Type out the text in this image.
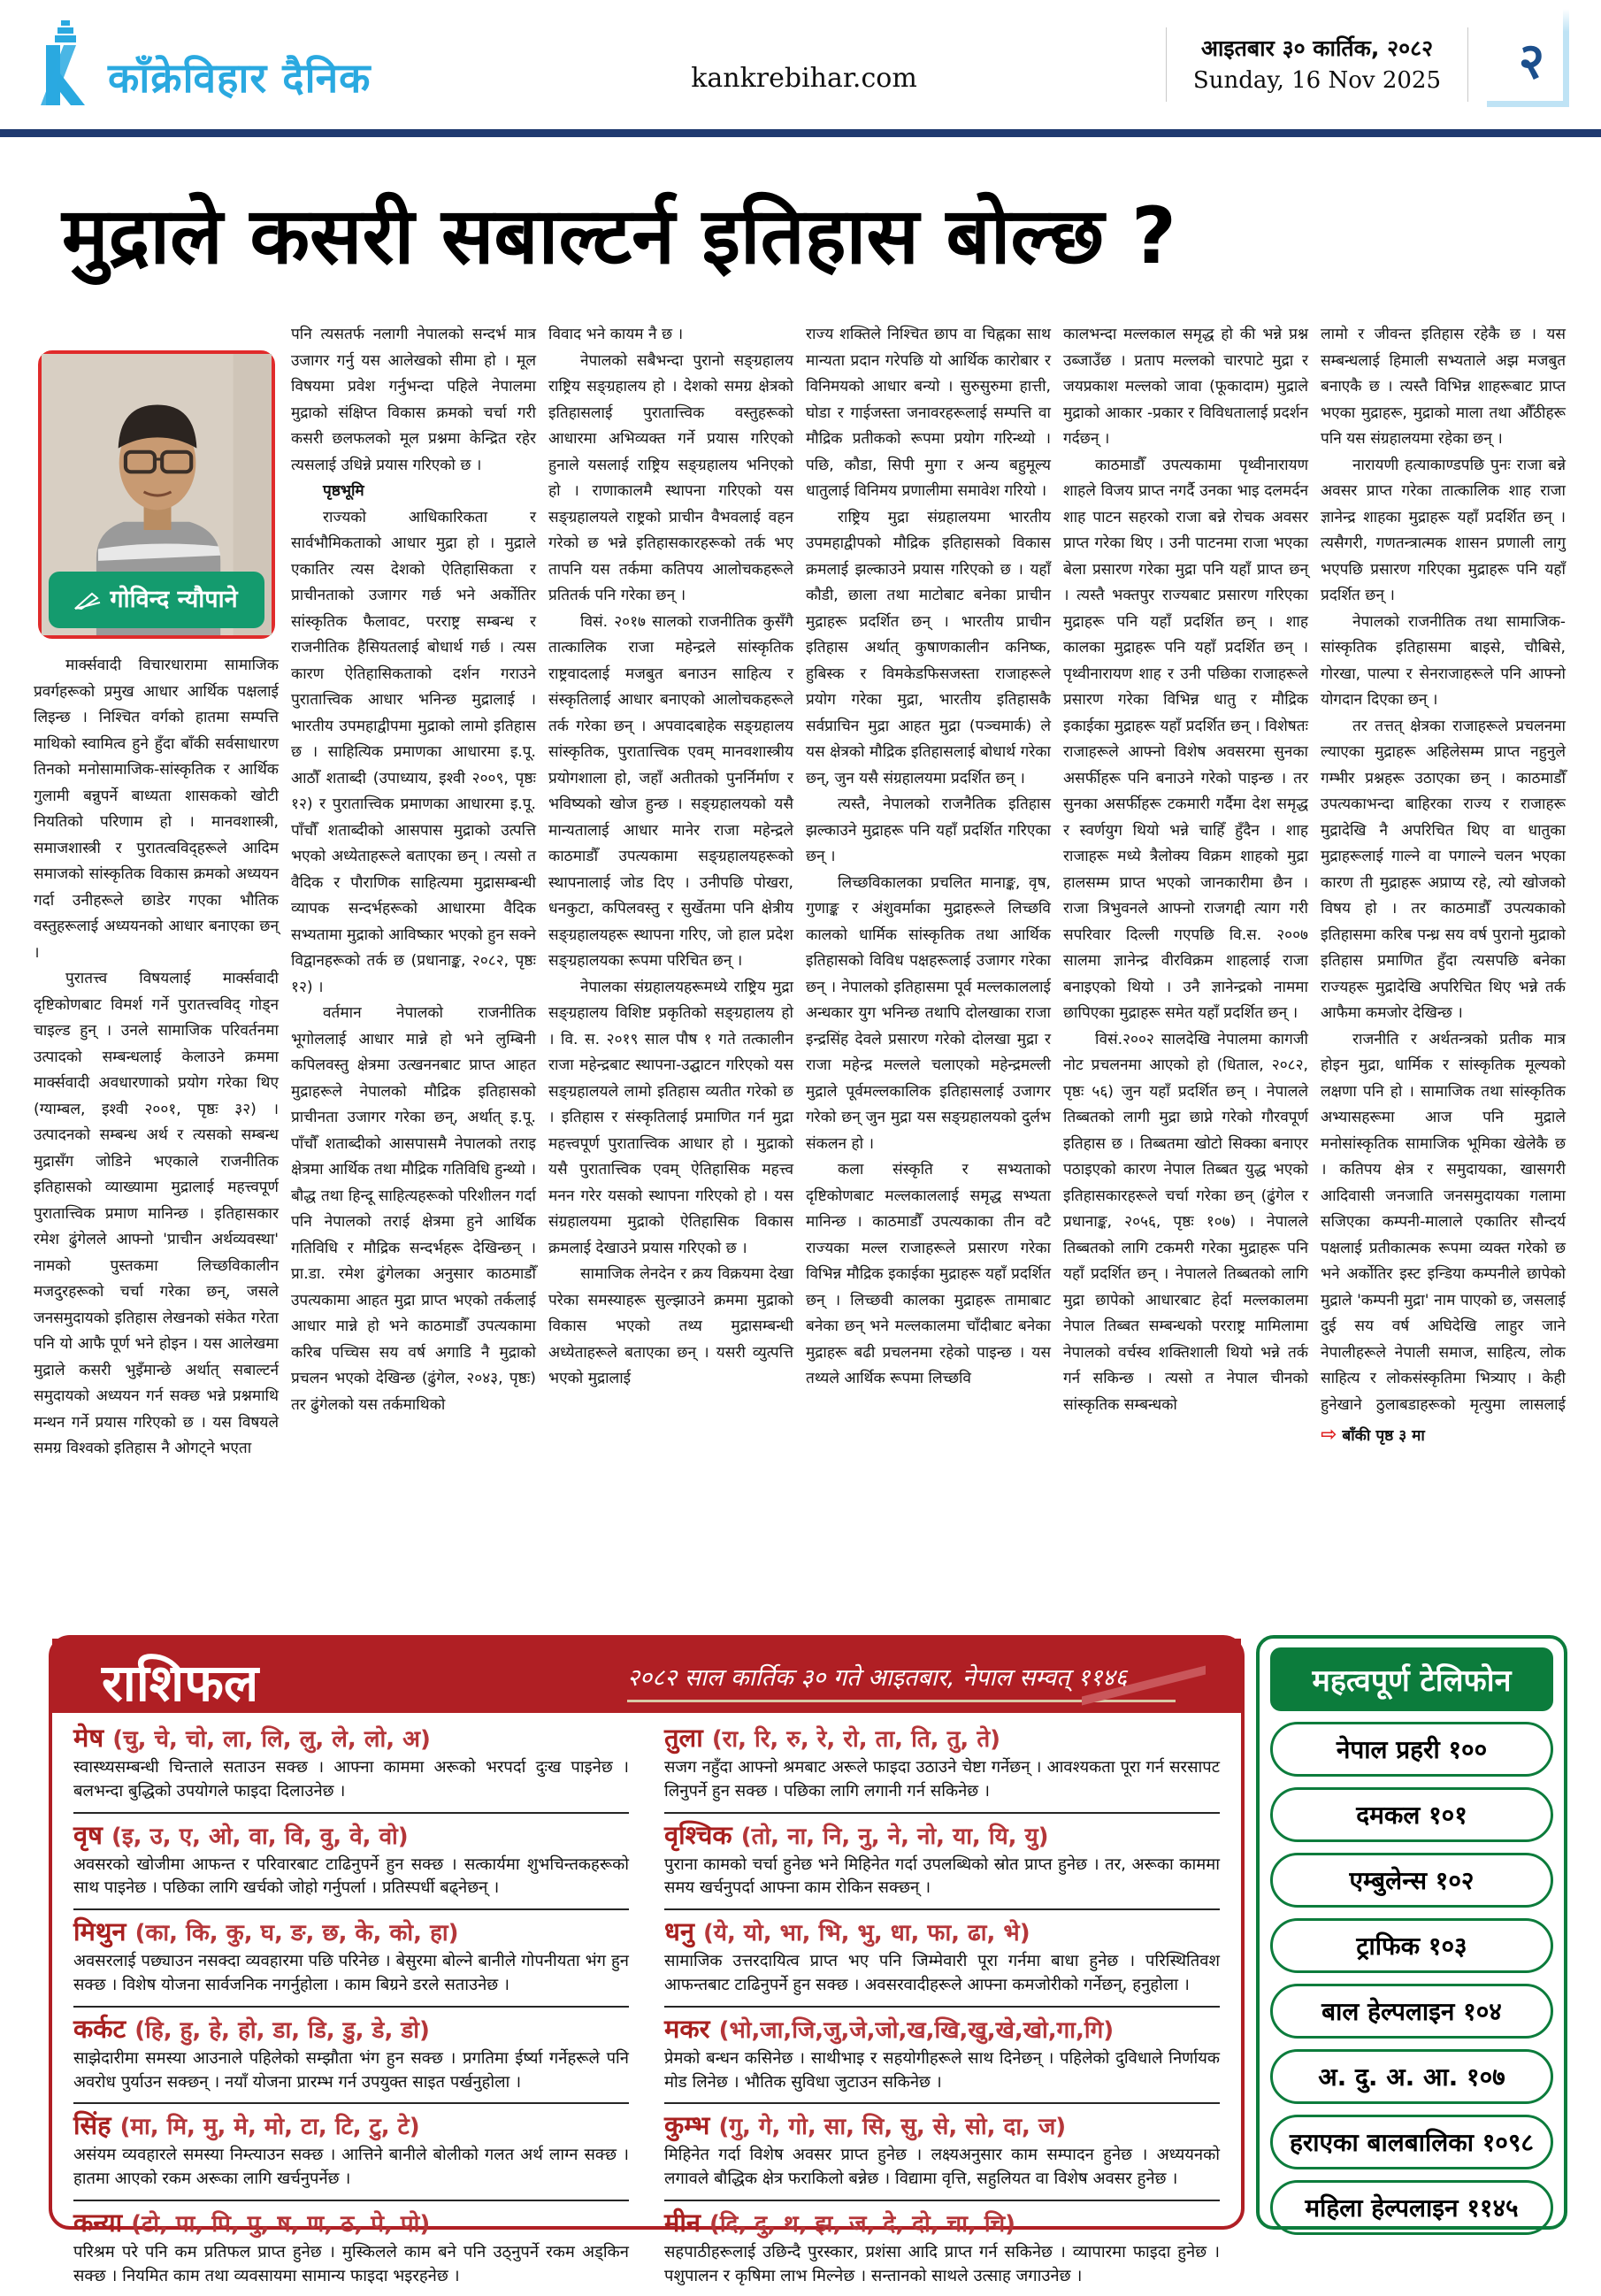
काँक्रेविहार दैनिक	kankrebihar.com
आइतबार ३० कार्तिक, २०८२
Sunday, 16 Nov 2025 २
मुद्राले कसरी सबाल्टर्न इतिहास बोल्छ ?
गोविन्द न्यौपाने

मार्क्सवादी विचारधारामा सामाजिक प्रवर्गहरूको प्रमुख आधार आर्थिक पक्षलाई लिइन्छ । निश्चित वर्गको हातमा सम्पत्ति माथिको स्वामित्व हुने हुँदा बाँकी सर्वसाधारण तिनको मनोसामाजिक-सांस्कृतिक र आर्थिक गुलामी बन्नुपर्ने बाध्यता शासकको खोटी नियतिको परिणाम हो । मानवशास्त्री, समाजशास्त्री र पुरातत्वविद्हरूले आदिम समाजको सांस्कृतिक विकास क्रमको अध्ययन गर्दा उनीहरूले छाडेर गएका भौतिक वस्तुहरूलाई अध्ययनको आधार बनाएका छन् ।

पुरातत्त्व विषयलाई मार्क्सवादी दृष्टिकोणबाट विमर्श गर्ने पुरातत्त्वविद् गोड्न चाइल्ड हुन् । उनले सामाजिक परिवर्तनमा उत्पादको सम्बन्धलाई केलाउने क्रममा मार्क्सवादी अवधारणाको प्रयोग गरेका थिए (ग्याम्बल, इश्वी २००१, पृष्ठः ३२) । उत्पादनको सम्बन्ध अर्थ र त्यसको सम्बन्ध मुद्रासँग जोडिने भएकाले राजनीतिक इतिहासको व्याख्यामा मुद्रालाई महत्त्वपूर्ण पुरातात्त्विक प्रमाण मानिन्छ । इतिहासकार रमेश ढुंगेलले आफ्नो 'प्राचीन अर्थव्यवस्था' नामको पुस्तकमा लिच्छविकालीन मजदुरहरूको चर्चा गरेका छन्, जसले जनसमुदायको इतिहास लेखनको संकेत गरेता पनि यो आफै पूर्ण भने होइन । यस आलेखमा मुद्राले कसरी भुइँमान्छे अर्थात् सबाल्टर्न समुदायको अध्ययन गर्न सक्छ भन्ने प्रश्नमाथि मन्थन गर्ने प्रयास गरिएको छ । यस विषयले समग्र विश्वको इतिहास नै ओगट्ने भएता

पनि त्यसतर्फ नलागी नेपालको सन्दर्भ मात्र उजागर गर्नु यस आलेखको सीमा हो । मूल विषयमा प्रवेश गर्नुभन्दा पहिले नेपालमा मुद्राको संक्षिप्त विकास क्रमको चर्चा गरी कसरी छलफलको मूल प्रश्नमा केन्द्रित रहेर त्यसलाई उधिन्ने प्रयास गरिएको छ ।

पृष्ठभूमि

राज्यको आधिकारिकता र सार्वभौमिकताको आधार मुद्रा हो । मुद्राले एकातिर त्यस देशको ऐतिहासिकता र प्राचीनताको उजागर गर्छ भने अर्कोतिर सांस्कृतिक फैलावट, परराष्ट्र सम्बन्ध र राजनीतिक हैसियतलाई बोधार्थ गर्छ । त्यस कारण ऐतिहासिकताको दर्शन गराउने पुरातात्त्विक आधार भनिन्छ मुद्रालाई । भारतीय उपमहाद्वीपमा मुद्राको लामो इतिहास छ । साहित्यिक प्रमाणका आधारमा इ.पू. आठौँ शताब्दी (उपाध्याय, इश्वी २००९, पृष्ठः १२) र पुरातात्त्विक प्रमाणका आधारमा इ.पू. पाँचौँ शताब्दीको आसपास मुद्राको उत्पत्ति भएको अध्येताहरूले बताएका छन् । त्यसो त वैदिक र पौराणिक साहित्यमा मुद्रासम्बन्धी व्यापक सन्दर्भहरूको आधारमा वैदिक सभ्यतामा मुद्राको आविष्कार भएको हुन सक्ने विद्वानहरूको तर्क छ (प्रधानाङ्क, २०८२, पृष्ठः १२) ।

वर्तमान नेपालको राजनीतिक भूगोललाई आधार मान्ने हो भने लुम्बिनी कपिलवस्तु क्षेत्रमा उत्खननबाट प्राप्त आहत मुद्राहरूले नेपालको मौद्रिक इतिहासको प्राचीनता उजागर गरेका छन्, अर्थात् इ.पू. पाँचौँ शताब्दीको आसपासमै नेपालको तराइ क्षेत्रमा आर्थिक तथा मौद्रिक गतिविधि हुन्थ्यो । बौद्ध तथा हिन्दू साहित्यहरूको परिशीलन गर्दा पनि नेपालको तराई क्षेत्रमा हुने आर्थिक गतिविधि र मौद्रिक सन्दर्भहरू देखिन्छन् । प्रा.डा. रमेश ढुंगेलका अनुसार काठमाडौँ उपत्यकामा आहत मुद्रा प्राप्त भएको तर्कलाई आधार मान्ने हो भने काठमाडौँ उपत्यकामा करिब पच्चिस सय वर्ष अगाडि नै मुद्राको प्रचलन भएको देखिन्छ (ढुंगेल, २०४३, पृष्ठः) तर ढुंगेलको यस तर्कमाथिको

विवाद भने कायम नै छ ।

नेपालको सबैभन्दा पुरानो सङ्ग्रहालय राष्ट्रिय सङ्ग्रहालय हो । देशको समग्र क्षेत्रको इतिहासलाई पुरातात्त्विक वस्तुहरूको आधारमा अभिव्यक्त गर्ने प्रयास गरिएको हुनाले यसलाई राष्ट्रिय सङ्ग्रहालय भनिएको हो । राणाकालमै स्थापना गरिएको यस सङ्ग्रहालयले राष्ट्रको प्राचीन वैभवलाई वहन गरेको छ भन्ने इतिहासकारहरूको तर्क भए तापनि यस तर्कमा कतिपय आलोचकहरूले प्रतितर्क पनि गरेका छन् ।

विसं. २०१७ सालको राजनीतिक कुसँगै तात्कालिक राजा महेन्द्रले सांस्कृतिक राष्ट्रवादलाई मजबुत बनाउन साहित्य र संस्कृतिलाई आधार बनाएको आलोचकहरूले तर्क गरेका छन् । अपवादबाहेक सङ्ग्रहालय सांस्कृतिक, पुरातात्त्विक एवम् मानवशास्त्रीय प्रयोगशाला हो, जहाँ अतीतको पुनर्निर्माण र भविष्यको खोज हुन्छ । सङ्ग्रहालयको यसै मान्यतालाई आधार मानेर राजा महेन्द्रले काठमाडौँ उपत्यकामा सङ्ग्रहालयहरूको स्थापनालाई जोड दिए । उनीपछि पोखरा, धनकुटा, कपिलवस्तु र सुर्खेतमा पनि क्षेत्रीय सङ्ग्रहालयहरू स्थापना गरिए, जो हाल प्रदेश सङ्ग्रहालयका रूपमा परिचित छन् ।

नेपालका संग्रहालयहरूमध्ये राष्ट्रिय मुद्रा सङ्ग्रहालय विशिष्ट प्रकृतिको सङ्ग्रहालय हो । वि. स. २०१९ साल पौष १ गते तत्कालीन राजा महेन्द्रबाट स्थापना-उद्घाटन गरिएको यस सङ्ग्रहालयले लामो इतिहास व्यतीत गरेको छ । इतिहास र संस्कृतिलाई प्रमाणित गर्न मुद्रा महत्त्वपूर्ण पुरातात्त्विक आधार हो । मुद्राको यसै पुरातात्त्विक एवम् ऐतिहासिक महत्त्व मनन गरेर यसको स्थापना गरिएको हो । यस संग्रहालयमा मुद्राको ऐतिहासिक विकास क्रमलाई देखाउने प्रयास गरिएको छ ।

सामाजिक लेनदेन र क्रय विक्रयमा देखा परेका समस्याहरू सुल्झाउने क्रममा मुद्राको विकास भएको तथ्य मुद्रासम्बन्धी अध्येताहरूले बताएका छन् । यसरी व्युत्पत्ति भएको मुद्रालाई

राज्य शक्तिले निश्चित छाप वा चिह्नका साथ मान्यता प्रदान गरेपछि यो आर्थिक कारोबार र विनिमयको आधार बन्यो । सुरुसुरुमा हात्ती, घोडा र गाईजस्ता जनावरहरूलाई सम्पत्ति वा मौद्रिक प्रतीकको रूपमा प्रयोग गरिन्थ्यो । पछि, कौडा, सिपी मुगा र अन्य बहुमूल्य धातुलाई विनिमय प्रणालीमा समावेश गरियो ।

राष्ट्रिय मुद्रा संग्रहालयमा भारतीय उपमहाद्वीपको मौद्रिक इतिहासको विकास क्रमलाई झल्काउने प्रयास गरिएको छ । यहाँ कौडी, छाला तथा माटोबाट बनेका प्राचीन मुद्राहरू प्रदर्शित छन् । भारतीय प्राचीन इतिहास अर्थात् कुषाणकालीन कनिष्क, हुबिस्क र विमकेडफिसजस्ता राजाहरूले प्रयोग गरेका मुद्रा, भारतीय इतिहासकै सर्वप्राचिन मुद्रा आहत मुद्रा (पञ्चमार्क) ले यस क्षेत्रको मौद्रिक इतिहासलाई बोधार्थ गरेका छन्, जुन यसै संग्रहालयमा प्रदर्शित छन् ।

त्यस्तै, नेपालको राजनैतिक इतिहास झल्काउने मुद्राहरू पनि यहाँ प्रदर्शित गरिएका छन् ।

लिच्छविकालका प्रचलित मानाङ्क, वृष, गुणाङ्क र अंशुवर्माका मुद्राहरूले लिच्छवि कालको धार्मिक सांस्कृतिक तथा आर्थिक इतिहासको विविध पक्षहरूलाई उजागर गरेका छन् । नेपालको इतिहासमा पूर्व मल्लकाललाई अन्धकार युग भनिन्छ तथापि दोलखाका राजा इन्द्रसिंह देवले प्रसारण गरेको दोलखा मुद्रा र राजा महेन्द्र मल्लले चलाएको महेन्द्रमल्ली मुद्राले पूर्वमल्लकालिक इतिहासलाई उजागर गरेको छन् जुन मुद्रा यस सङ्ग्रहालयको दुर्लभ संकलन हो ।

कला संस्कृति र सभ्यताको दृष्टिकोणबाट मल्लकाललाई समृद्ध सभ्यता मानिन्छ । काठमाडौँ उपत्यकाका तीन वटै राज्यका मल्ल राजाहरूले प्रसारण गरेका विभिन्न मौद्रिक इकाईका मुद्राहरू यहाँ प्रदर्शित छन् । लिच्छवी कालका मुद्राहरू तामाबाट बनेका छन् भने मल्लकालमा चाँदीबाट बनेका मुद्राहरू बढी प्रचलनमा रहेको पाइन्छ । यस तथ्यले आर्थिक रूपमा लिच्छवि

कालभन्दा मल्लकाल समृद्ध हो की भन्ने प्रश्न उब्जाउँछ । प्रताप मल्लको चारपाटे मुद्रा र जयप्रकाश मल्लको जावा (फूकादाम) मुद्राले मुद्राको आकार -प्रकार र विविधतालाई प्रदर्शन गर्दछन् ।

काठमाडौँ उपत्यकामा पृथ्वीनारायण शाहले विजय प्राप्त नगर्दै उनका भाइ दलमर्दन शाह पाटन सहरको राजा बन्ने रोचक अवसर प्राप्त गरेका थिए । उनी पाटनमा राजा भएका बेला प्रसारण गरेका मुद्रा पनि यहाँ प्राप्त छन् । त्यस्तै भक्तपुर राज्यबाट प्रसारण गरिएका मुद्राहरू पनि यहाँ प्रदर्शित छन् । शाह कालका मुद्राहरू पनि यहाँ प्रदर्शित छन् । पृथ्वीनारायण शाह र उनी पछिका राजाहरूले प्रसारण गरेका विभिन्न धातु र मौद्रिक इकाईका मुद्राहरू यहाँ प्रदर्शित छन् । विशेषतः राजाहरूले आफ्नो विशेष अवसरमा सुनका असर्फीहरू पनि बनाउने गरेको पाइन्छ । तर सुनका असर्फीहरू टकमारी गर्दैमा देश समृद्ध र स्वर्णयुग थियो भन्ने चाहिँ हुँदैन । शाह राजाहरू मध्ये त्रैलोक्य विक्रम शाहको मुद्रा हालसम्म प्राप्त भएको जानकारीमा छैन । राजा त्रिभुवनले आफ्नो राजगद्दी त्याग गरी सपरिवार दिल्ली गएपछि वि.स. २००७ सालमा ज्ञानेन्द्र वीरविक्रम शाहलाई राजा बनाइएको थियो । उनै ज्ञानेन्द्रको नाममा छापिएका मुद्राहरू समेत यहाँ प्रदर्शित छन् ।

विसं.२००२ सालदेखि नेपालमा कागजी नोट प्रचलनमा आएको हो (धिताल, २०८२, पृष्ठः ५६) जुन यहाँ प्रदर्शित छन् । नेपालले तिब्बतको लागी मुद्रा छाप्ने गरेको गौरवपूर्ण इतिहास छ । तिब्बतमा खोटो सिक्का बनाएर पठाइएको कारण नेपाल तिब्बत युद्ध भएको इतिहासकारहरूले चर्चा गरेका छन् (ढुंगेल र प्रधानाङ्क, २०५६, पृष्ठः १०७) । नेपालले तिब्बतको लागि टकमरी गरेका मुद्राहरू पनि यहाँ प्रदर्शित छन् । नेपालले तिब्बतको लागि मुद्रा छापेको आधारबाट हेर्दा मल्लकालमा नेपाल तिब्बत सम्बन्धको परराष्ट्र मामिलामा नेपालको वर्चस्व शक्तिशाली थियो भन्ने तर्क गर्न सकिन्छ । त्यसो त नेपाल चीनको सांस्कृतिक सम्बन्धको

लामो र जीवन्त इतिहास रहेकै छ । यस सम्बन्धलाई हिमाली सभ्यताले अझ मजबुत बनाएकै छ । त्यस्तै विभिन्न शाहरूबाट प्राप्त भएका मुद्राहरू, मुद्राको माला तथा औँठीहरू पनि यस संग्रहालयमा रहेका छन् ।

नारायणी हत्याकाण्डपछि पुनः राजा बन्ने अवसर प्राप्त गरेका तात्कालिक शाह राजा ज्ञानेन्द्र शाहका मुद्राहरू यहाँ प्रदर्शित छन् । त्यसैगरी, गणतन्त्रात्मक शासन प्रणाली लागु भएपछि प्रसारण गरिएका मुद्राहरू पनि यहाँ प्रदर्शित छन् ।

नेपालको राजनीतिक तथा सामाजिक-सांस्कृतिक इतिहासमा बाइसे, चौबिसे, गोरखा, पाल्पा र सेनराजाहरूले पनि आफ्नो योगदान दिएका छन् ।

तर तत्तत् क्षेत्रका राजाहरूले प्रचलनमा ल्याएका मुद्राहरू अहिलेसम्म प्राप्त नहुनुले गम्भीर प्रश्नहरू उठाएका छन् । काठमाडौँ उपत्यकाभन्दा बाहिरका राज्य र राजाहरू मुद्रादेखि नै अपरिचित थिए वा धातुका मुद्राहरूलाई गाल्ने वा पगाल्ने चलन भएका कारण ती मुद्राहरू अप्राप्य रहे, त्यो खोजको विषय हो । तर काठमाडौँ उपत्यकाको इतिहासमा करिब पन्ध्र सय वर्ष पुरानो मुद्राको इतिहास प्रमाणित हुँदा त्यसपछि बनेका राज्यहरू मुद्रादेखि अपरिचित थिए भन्ने तर्क आफैमा कमजोर देखिन्छ ।

राजनीति र अर्थतन्त्रको प्रतीक मात्र होइन मुद्रा, धार्मिक र सांस्कृतिक मूल्यको लक्षणा पनि हो । सामाजिक तथा सांस्कृतिक अभ्यासहरूमा आज पनि मुद्राले मनोसांस्कृतिक सामाजिक भूमिका खेलेकै छ । कतिपय क्षेत्र र समुदायका, खासगरी आदिवासी जनजाति जनसमुदायका गलामा सजिएका कम्पनी-मालाले एकातिर सौन्दर्य पक्षलाई प्रतीकात्मक रूपमा व्यक्त गरेको छ भने अर्कोतिर इस्ट इन्डिया कम्पनीले छापेको मुद्राले 'कम्पनी मुद्रा' नाम पाएको छ, जसलाई दुई सय वर्ष अघिदेखि लाहुर जाने नेपालीहरूले नेपाली समाज, साहित्य, लोक साहित्य र लोकसंस्कृतिमा भित्र्याए । केही हुनेखाने ठुलाबडाहरूको मृत्युमा लासलाई ⇨ बाँकी पृष्ठ ३ मा

राशिफल	२०८२ साल कार्तिक ३० गते आइतबार, नेपाल सम्वत् ११४६
मेष (चु, चे, चो, ला, लि, लु, ले, लो, अ)
स्वास्थ्यसम्बन्धी चिन्ताले सताउन सक्छ । आफ्ना काममा अरूको भरपर्दा दुःख पाइनेछ । बलभन्दा बुद्धिको उपयोगले फाइदा दिलाउनेछ ।
वृष (इ, उ, ए, ओ, वा, वि, वु, वे, वो)
अवसरको खोजीमा आफन्त र परिवारबाट टाढिनुपर्ने हुन सक्छ । सत्कार्यमा शुभचिन्तकहरूको साथ पाइनेछ । पछिका लागि खर्चको जोहो गर्नुपर्ला । प्रतिस्पर्धी बढ्नेछन् ।
मिथुन (का, कि, कु, घ, ङ, छ, के, को, हा)
अवसरलाई पछ्याउन नसक्दा व्यवहारमा पछि परिनेछ । बेसुरमा बोल्ने बानीले गोपनीयता भंग हुन सक्छ । विशेष योजना सार्वजनिक नगर्नुहोला । काम बिग्रने डरले सताउनेछ ।
कर्कट (हि, हु, हे, हो, डा, डि, डु, डे, डो)
साझेदारीमा समस्या आउनाले पहिलेको सम्झौता भंग हुन सक्छ । प्रगतिमा ईर्ष्या गर्नेहरूले पनि अवरोध पुर्याउन सक्छन् । नयाँ योजना प्रारम्भ गर्न उपयुक्त साइत पर्खनुहोला ।
सिंह (मा, मि, मु, मे, मो, टा, टि, टु, टे)
असंयम व्यवहारले समस्या निम्त्याउन सक्छ । आत्तिने बानीले बोलीको गलत अर्थ लाग्न सक्छ । हातमा आएको रकम अरूका लागि खर्चनुपर्नेछ ।
कन्या (टो, पा, पि, पु, ष, ण, ठ, पे, पो)
परिश्रम परे पनि कम प्रतिफल प्राप्त हुनेछ । मुस्किलले काम बने पनि उठ्नुपर्ने रकम अड्किन सक्छ । नियमित काम तथा व्यवसायमा सामान्य फाइदा भइरहनेछ ।
तुला (रा, रि, रु, रे, रो, ता, ति, तु, ते)
सजग नहुँदा आफ्नो श्रमबाट अरूले फाइदा उठाउने चेष्टा गर्नेछन् । आवश्यकता पूरा गर्न सरसापट लिनुपर्ने हुन सक्छ । पछिका लागि लगानी गर्न सकिनेछ ।
वृश्चिक (तो, ना, नि, नु, ने, नो, या, यि, यु)
पुराना कामको चर्चा हुनेछ भने मिहिनेत गर्दा उपलब्धिको स्रोत प्राप्त हुनेछ । तर, अरूका काममा समय खर्चनुपर्दा आफ्ना काम रोकिन सक्छन् ।
धनु (ये, यो, भा, भि, भु, धा, फा, ढा, भे)
सामाजिक उत्तरदायित्व प्राप्त भए पनि जिम्मेवारी पूरा गर्नमा बाधा हुनेछ । परिस्थितिवश आफन्तबाट टाढिनुपर्ने हुन सक्छ । अवसरवादीहरूले आफ्ना कमजोरीको गर्नेछन्, हनुहोला ।
मकर (भो,जा,जि,जु,जे,जो,ख,खि,खु,खे,खो,गा,गि)
प्रेमको बन्धन कसिनेछ । साथीभाइ र सहयोगीहरूले साथ दिनेछन् । पहिलेको दुविधाले निर्णायक मोड लिनेछ । भौतिक सुविधा जुटाउन सकिनेछ ।
कुम्भ (गु, गे, गो, सा, सि, सु, से, सो, दा, ज)
मिहिनेत गर्दा विशेष अवसर प्राप्त हुनेछ । लक्ष्यअनुसार काम सम्पादन हुनेछ । अध्ययनको लगावले बौद्धिक क्षेत्र फराकिलो बन्नेछ । विद्यामा वृत्ति, सहुलियत वा विशेष अवसर हुनेछ ।
मीन (दि, दु, थ, झ, ज, दे, दो, चा, चि)
सहपाठीहरूलाई उछिन्दै पुरस्कार, प्रशंसा आदि प्राप्त गर्न सकिनेछ । व्यापारमा फाइदा हुनेछ । पशुपालन र कृषिमा लाभ मिल्नेछ । सन्तानको साथले उत्साह जगाउनेछ ।
महत्वपूर्ण टेलिफोन
नेपाल प्रहरी १००
दमकल १०१
एम्बुलेन्स १०२
ट्राफिक १०३
बाल हेल्पलाइन १०४
अ. दु. अ. आ. १०७
हराएका बालबालिका १०९८
महिला हेल्पलाइन ११४५
